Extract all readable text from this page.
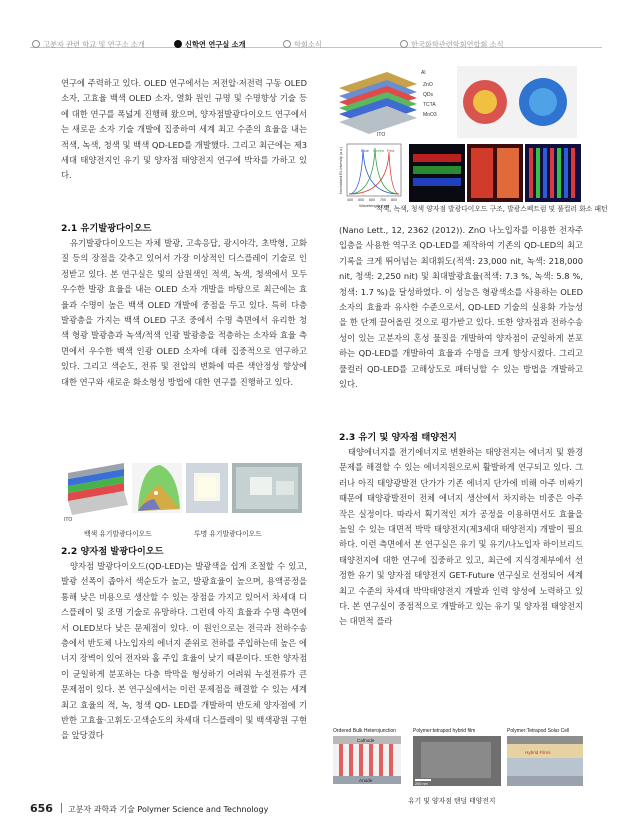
고분자 관련 학교 및 연구소 소개	신학연 연구실 소개	학회소식	한국화학관련학회연합회 소식

연구에 주력하고 있다. OLED 연구에서는 저전압·저전력 구동 OLED 소자, 고효율 백색 OLED 소자, 열화 원인 규명 및 수명향상 기술 등에 대한 연구를 폭넓게 진행해 왔으며, 양자점발광다이오드 연구에서는 새로운 소자 기술 개발에 집중하여 세계 최고 수준의 효율을 내는 적색, 녹색, 청색 및 백색 QD-LED를 개발했다. 그리고 최근에는 제3세대 태양전지인 유기 및 양자점 태양전지 연구에 박차를 가하고 있다.

2.1 유기발광다이오드

유기발광다이오드는 자체 발광, 고속응답, 광시야각, 초박형, 고화질 등의 장점을 갖추고 있어서 가장 이상적인 디스플레이 기술로 인정받고 있다. 본 연구실은 빛의 삼원색인 적색, 녹색, 청색에서 모두 우수한 발광 효율을 내는 OLED 소자 개발을 바탕으로 최근에는 효율과 수명이 높은 백색 OLED 개발에 중점을 두고 있다. 특히 다층 발광층을 가지는 백색 OLED 구조 중에서 수명 측면에서 유리한 청색 형광 발광층과 녹색/적색 인광 발광층을 적층하는 소자와 효율 측면에서 우수한 백색 인광 OLED 소자에 대해 집중적으로 연구하고 있다. 그리고 색순도, 전류 및 전압의 변화에 따른 색안정성 향상에 대한 연구와 새로운 화소형성 방법에 대한 연구를 진행하고 있다.

ITO
백색 유기발광다이오드	투명 유기발광다이오드

2.2 양자점 발광다이오드

양자점 발광다이오드(QD-LED)는 발광색을 쉽게 조절할 수 있고, 발광 선폭이 좁아서 색순도가 높고, 발광효율이 높으며, 용액공정을 통해 낮은 비용으로 생산할 수 있는 장점을 가지고 있어서 차세대 디스플레이 및 조명 기술로 유망하다. 그런데 아직 효율과 수명 측면에서 OLED보다 낮은 문제점이 있다. 이 원인으로는 전극과 전하수송층에서 반도체 나노입자의 에너지 준위로 전하를 주입하는데 높은 에너지 장벽이 있어 전자와 홀 주입 효율이 낮기 때문이다. 또한 양자점이 균일하게 분포하는 다층 박막을 형성하기 어려워 누설전류가 큰 문제점이 있다. 본 연구실에서는 이런 문제점을 해결할 수 있는 세계 최고 효율의 적, 녹, 청색 QD- LED를 개발하여 반도체 양자점에 기반한 고효율·고휘도·고색순도의 차세대 디스플레이 및 백색광원 구현을 앞당겼다

Al
ZnO
QDs
TCTA
MoO3
ITO
Blue Green Red
400 500 600 700 800
Wavelength (nm)
Normalized EL Intensity (a.u.)
적색, 녹색, 청색 양자점 발광다이오드 구조, 발광스펙트럼 및 풀컬러 화소 패턴

(Nano Lett., 12, 2362 (2012)). ZnO 나노입자를 이용한 전자주입층을 사용한 역구조 QD-LED를 제작하여 기존의 QD-LED의 최고 기록을 크게 뛰어넘는 최대휘도(적색: 23,000 nit, 녹색: 218,000 nit, 청색: 2,250 nit) 및 최대발광효율(적색: 7.3 %, 녹색: 5.8 %, 청색: 1.7 %)을 달성하였다. 이 성능은 형광색소를 사용하는 OLED 소자의 효율과 유사한 수준으로서, QD-LED 기술의 실용화 가능성을 한 단계 끌어올린 것으로 평가받고 있다. 또한 양자점과 전하수송성이 있는 고분자의 혼성 물질을 개발하여 양자점이 균일하게 분포하는 QD-LED를 개발하여 효율과 수명을 크게 향상시켰다. 그리고 풀컬러 QD-LED를 고해상도로 패터닝할 수 있는 방법을 개발하고 있다.

2.3 유기 및 양자점 태양전지

태양에너지를 전기에너지로 변환하는 태양전지는 에너지 및 환경 문제를 해결할 수 있는 에너지원으로써 활발하게 연구되고 있다. 그러나 아직 태양광발전 단가가 기존 에너지 단가에 비해 아주 비싸기 때문에 태양광발전이 전체 에너지 생산에서 차지하는 비중은 아주 작은 실정이다. 따라서 획기적인 저가 공정을 이용하면서도 효율을 높일 수 있는 대면적 박막 태양전지(제3세대 태양전지) 개발이 필요하다. 이런 측면에서 본 연구실은 유기 및 유기/나노입자 하이브리드 태양전지에 대한 연구에 집중하고 있고, 최근에 지식경제부에서 선정한 유기 및 양자점 태양전지 GET-Future 연구실로 선정되어 세계 최고 수준의 차세대 박막태양전지 개발과 인력 양성에 노력하고 있다. 본 연구실이 중점적으로 개발하고 있는 유기 및 양자점 태양전지는 대면적 플라

Ordered Bulk Heterojunction	Polymer:tetrapod hybrid film	Polymer:Tetrapod Solar Cell
Cathode
Anode
200 nm
Hybrid Films
유기 및 양자점 탠덤 태양전지
656 고분자 과학과 기술 Polymer Science and Technology
